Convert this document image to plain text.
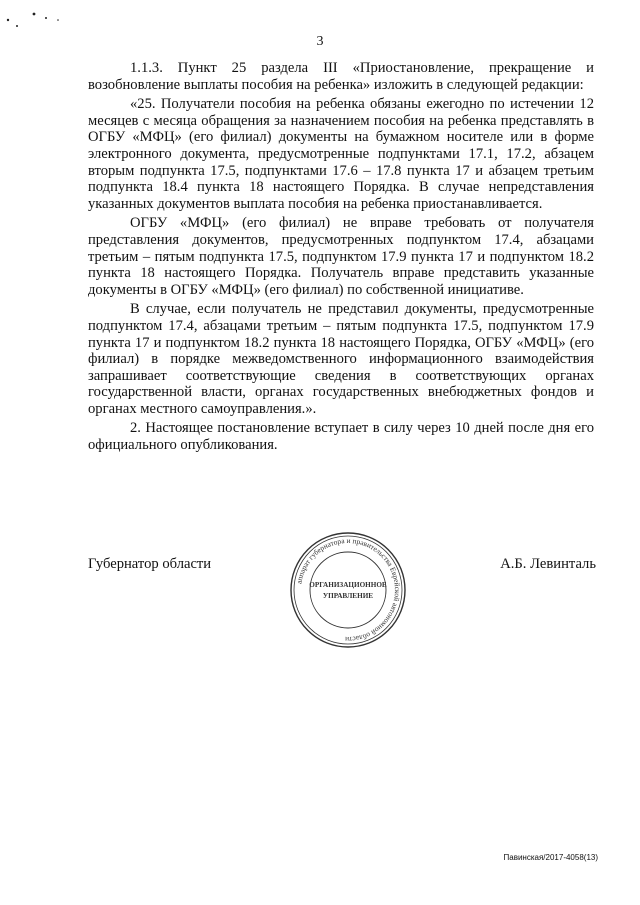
3

1.1.3. Пункт 25 раздела III «Приостановление, прекращение и возобновление выплаты пособия на ребенка» изложить в следующей редакции:

«25. Получатели пособия на ребенка обязаны ежегодно по истечении 12 месяцев с месяца обращения за назначением пособия на ребенка представлять в ОГБУ «МФЦ» (его филиал) документы на бумажном носителе или в форме электронного документа, предусмотренные подпунктами 17.1, 17.2, абзацем вторым подпункта 17.5, подпунктами 17.6 – 17.8 пункта 17 и абзацем третьим подпункта 18.4 пункта 18 настоящего Порядка. В случае непредставления указанных документов выплата пособия на ребенка приостанавливается.

ОГБУ «МФЦ» (его филиал) не вправе требовать от получателя представления документов, предусмотренных подпунктом 17.4, абзацами третьим – пятым подпункта 17.5, подпунктом 17.9 пункта 17 и подпунктом 18.2 пункта 18 настоящего Порядка. Получатель вправе представить указанные документы в ОГБУ «МФЦ» (его филиал) по собственной инициативе.

В случае, если получатель не представил документы, предусмотренные подпунктом 17.4, абзацами третьим – пятым подпункта 17.5, подпунктом 17.9 пункта 17 и подпунктом 18.2 пункта 18 настоящего Порядка, ОГБУ «МФЦ» (его филиал) в порядке межведомственного информационного взаимодействия запрашивает соответствующие сведения в соответствующих органах государственной власти, органах государственных внебюджетных фондов и органах местного самоуправления.».

2. Настоящее постановление вступает в силу через 10 дней после дня его официального опубликования.

Губернатор области
аппарат губернатора и правительства Еврейской автономной области
ОРГАНИЗАЦИОННОЕ
УПРАВЛЕНИЕ
А.Б. Левинталь
Павинская/2017-4058(13)
